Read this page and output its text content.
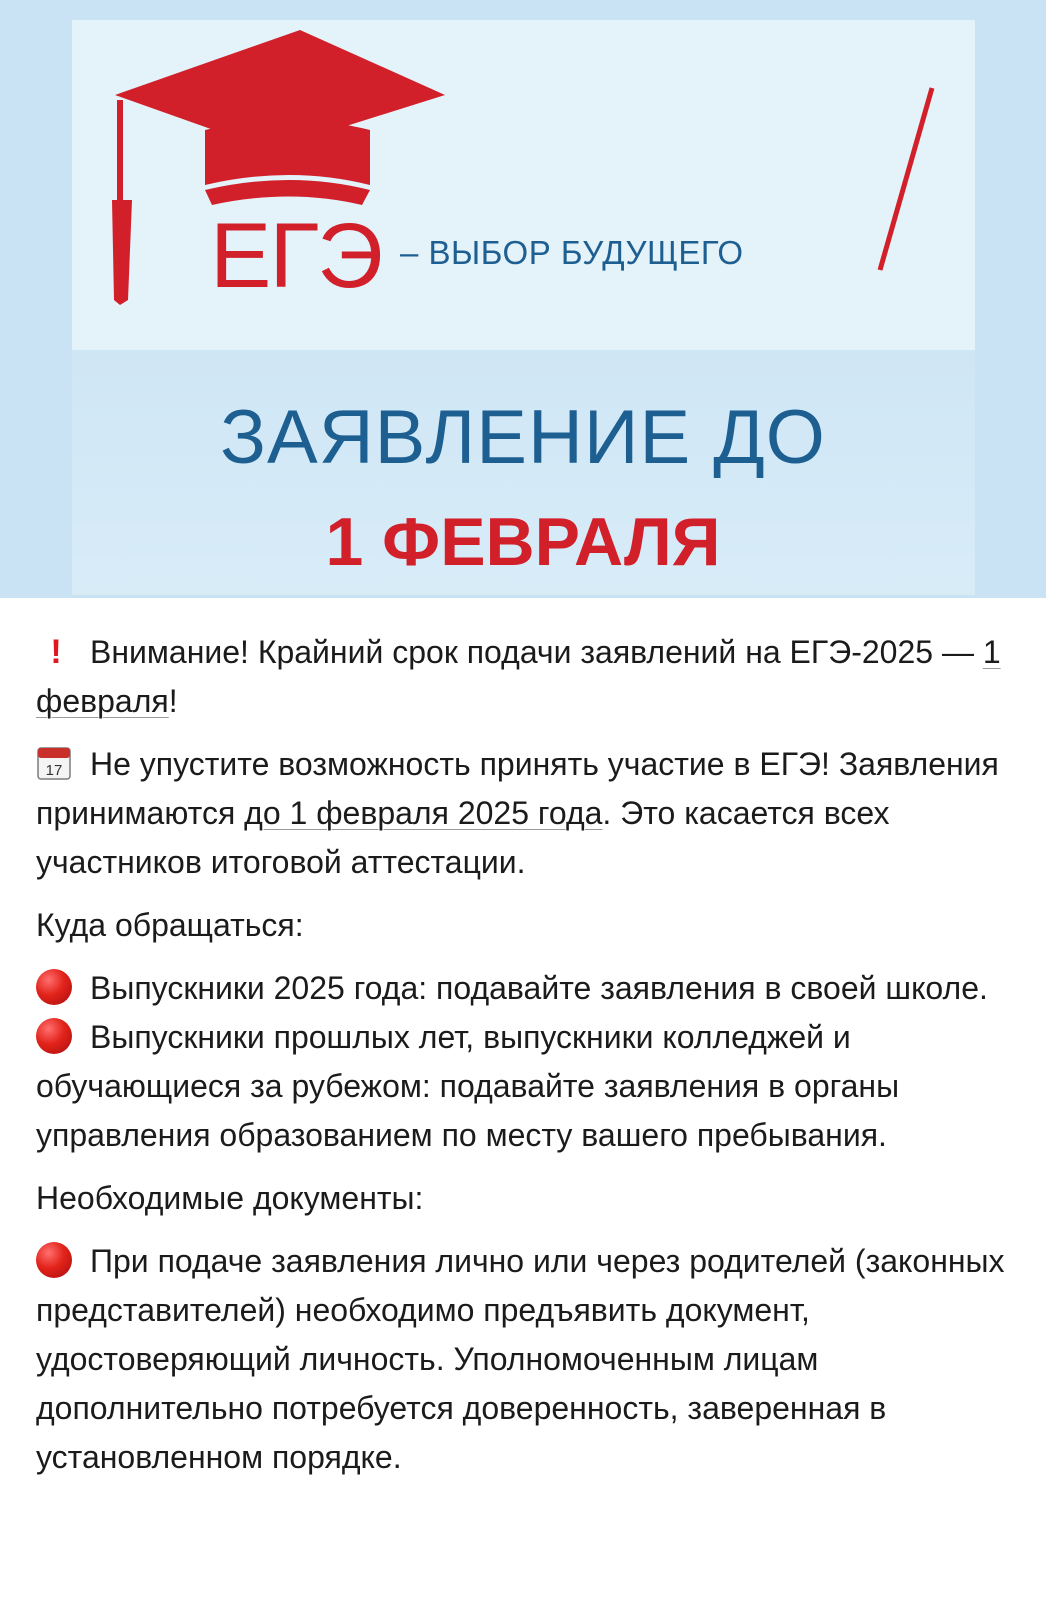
ЕГЭ – ВЫБОР БУДУЩЕГО
ЗАЯВЛЕНИЕ ДО
1 ФЕВРАЛЯ

! Внимание! Крайний срок подачи заявлений на ЕГЭ-2025 — 1 февраля!

17 Не упустите возможность принять участие в ЕГЭ! Заявления принимаются до 1 февраля 2025 года. Это касается всех участников итоговой аттестации.

Куда обращаться:

Выпускники 2025 года: подавайте заявления в своей школе.
Выпускники прошлых лет, выпускники колледжей и обучающиеся за рубежом: подавайте заявления в органы управления образованием по месту вашего пребывания.

Необходимые документы:

При подаче заявления лично или через родителей (законных представителей) необходимо предъявить документ, удостоверяющий личность. Уполномоченным лицам дополнительно потребуется доверенность, заверенная в установленном порядке.
